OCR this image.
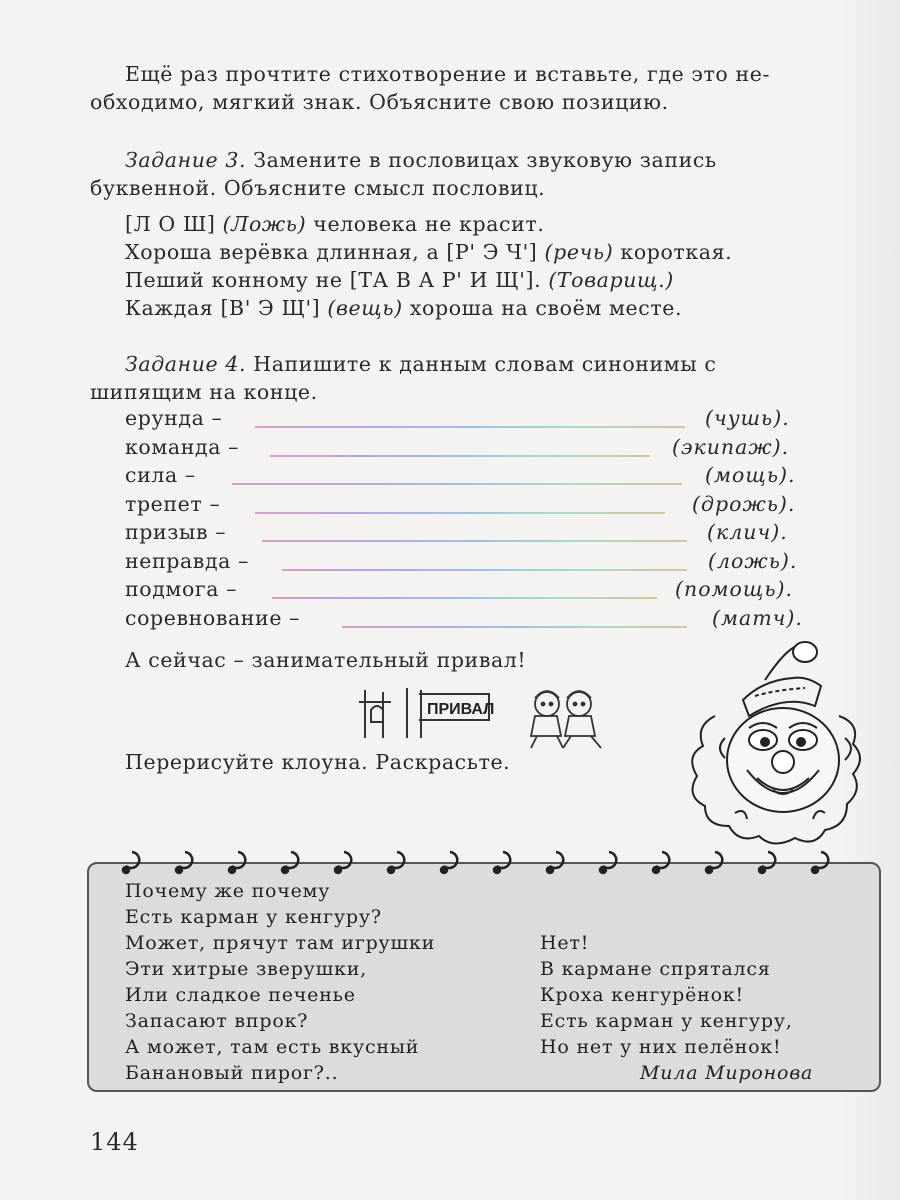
Ещё раз прочтите стихотворение и вставьте, где это не-
обходимо, мягкий знак. Объясните свою позицию.
Задание 3. Замените в пословицах звуковую запись
буквенной. Объясните смысл пословиц.
[Л О Ш] (Ложь) человека не красит.
Хороша верёвка длинная, а [Р' Э Ч'] (речь) короткая.
Пеший конному не [ТА В А Р' И Щ']. (Товарищ.)
Каждая [В' Э Щ'] (вещь) хороша на своём месте.
Задание 4. Напишите к данным словам синонимы с
шипящим на конце.
ерунда –	(чушь).
команда –	(экипаж).
сила –	(мощь).
трепет –	(дрожь).
призыв –	(клич).
неправда –	(ложь).
подмога –	(помощь).
соревнование –	(матч).
А сейчас – занимательный привал!
ПРИВАЛ
Перерисуйте клоуна. Раскрасьте.
Почему же почему
Есть карман у кенгуру?
Может, прячут там игрушки
Эти хитрые зверушки,
Или сладкое печенье
Запасают впрок?
А может, там есть вкусный
Банановый пирог?..
Нет!
В кармане спрятался
Кроха кенгурёнок!
Есть карман у кенгуру,
Но нет у них пелёнок!
Мила Миронова
144
